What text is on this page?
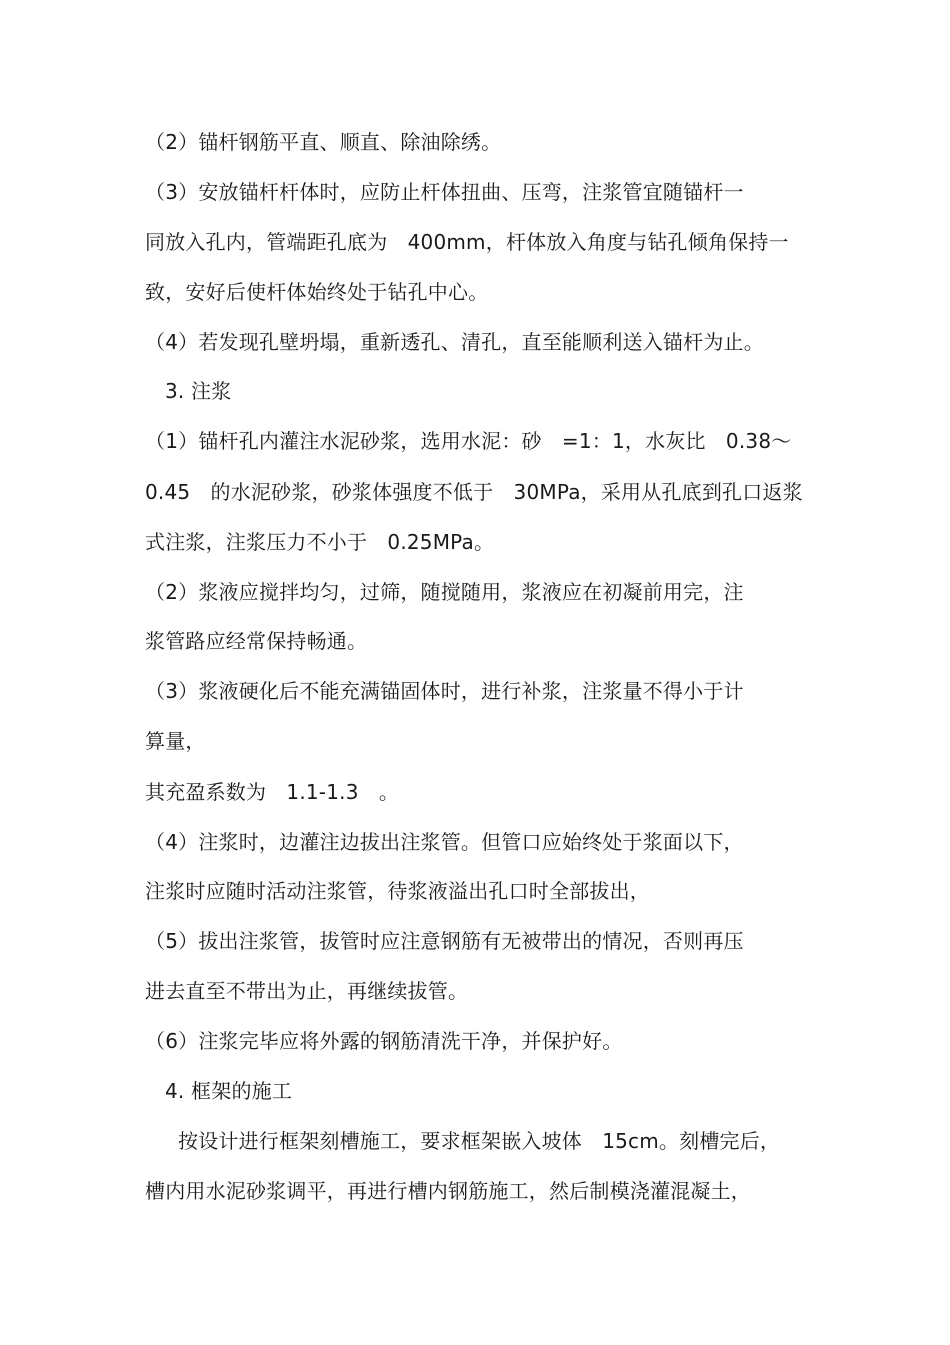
（2）锚杆钢筋平直、顺直、除油除绣。
（3）安放锚杆杆体时，应防止杆体扭曲、压弯，注浆管宜随锚杆一
同放入孔内，管端距孔底为　400mm，杆体放入角度与钻孔倾角保持一
致，安好后使杆体始终处于钻孔中心。
（4）若发现孔壁坍塌，重新透孔、清孔，直至能顺利送入锚杆为止。
3. 注浆
（1）锚杆孔内灌注水泥砂浆，选用水泥：砂　=1：1，水灰比　0.38～
0.45　的水泥砂浆，砂浆体强度不低于　30MPa，采用从孔底到孔口返浆
式注浆，注浆压力不小于　0.25MPa。
（2）浆液应搅拌均匀，过筛，随搅随用，浆液应在初凝前用完，注
浆管路应经常保持畅通。
（3）浆液硬化后不能充满锚固体时，进行补浆，注浆量不得小于计
算量，
其充盈系数为　1.1-1.3　。
（4）注浆时，边灌注边拔出注浆管。但管口应始终处于浆面以下，
注浆时应随时活动注浆管，待浆液溢出孔口时全部拔出，
（5）拔出注浆管，拔管时应注意钢筋有无被带出的情况，否则再压
进去直至不带出为止，再继续拔管。
（6）注浆完毕应将外露的钢筋清洗干净，并保护好。
4. 框架的施工
按设计进行框架刻槽施工，要求框架嵌入坡体　15cm。刻槽完后，
槽内用水泥砂浆调平，再进行槽内钢筋施工，然后制模浇灌混凝土，
